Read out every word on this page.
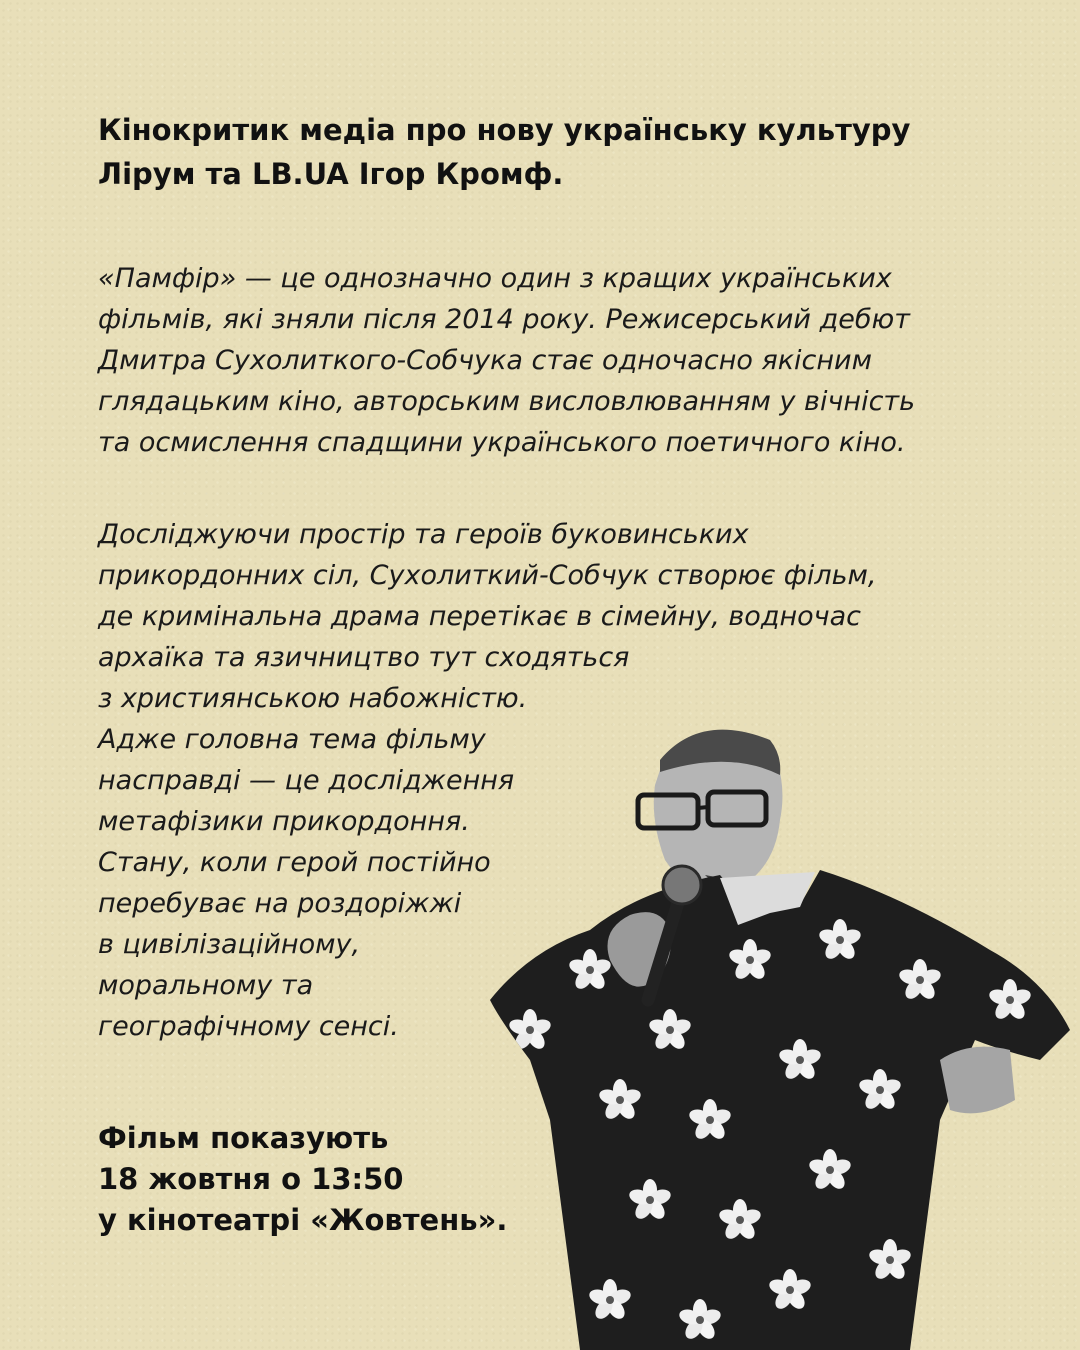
Кінокритик медіа про нову українську культуру
Лірум та LB.UA Ігор Кромф.

«Памфір» — це однозначно один з кращих українських
фільмів, які зняли після 2014 року. Режисерський дебют
Дмитра Сухолиткого-Собчука стає одночасно якісним
глядацьким кіно, авторським висловлюванням у вічність
та осмислення спадщини українського поетичного кіно.

Досліджуючи простір та героїв буковинських
прикордонних сіл, Сухолиткий-Собчук створює фільм,
де кримінальна драма перетікає в сімейну, водночас
архаїка та язичництво тут сходяться
з християнською набожністю.
Адже головна тема фільму
насправді — це дослідження
метафізики прикордоння.
Стану, коли герой постійно
перебуває на роздоріжжі
в цивілізаційному,
моральному та
географічному сенсі.

Фільм показують
18 жовтня о 13:50
у кінотеатрі «Жовтень».
